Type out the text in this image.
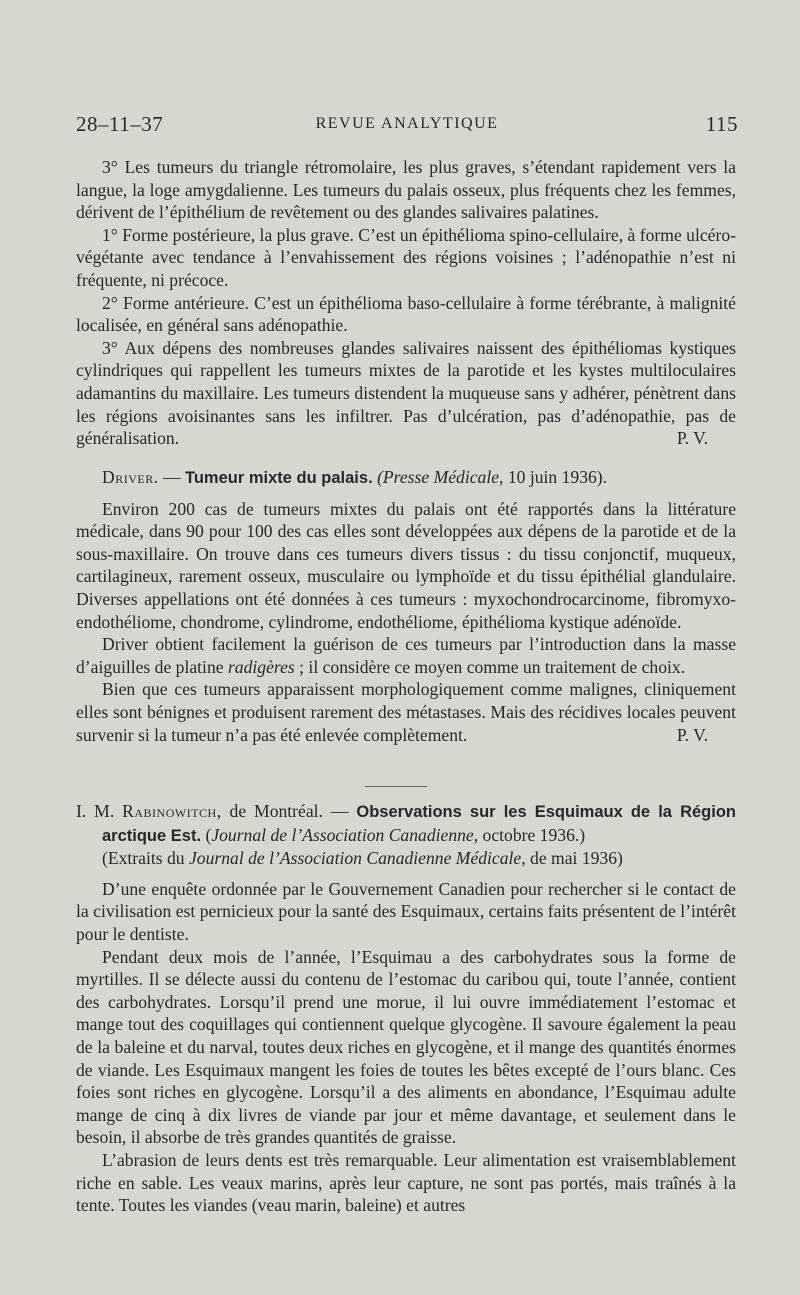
28–11–37	REVUE ANALYTIQUE	115

3° Les tumeurs du triangle rétromolaire, les plus graves, s’étendant rapidement vers la langue, la loge amygdalienne. Les tumeurs du palais osseux, plus fréquents chez les femmes, dérivent de l’épithélium de revêtement ou des glandes salivaires palatines.

1° Forme postérieure, la plus grave. C’est un épithélioma spino-cellulaire, à forme ulcéro-végétante avec tendance à l’envahissement des régions voisines ; l’adénopathie n’est ni fréquente, ni précoce.

2° Forme antérieure. C’est un épithélioma baso-cellulaire à forme térébrante, à malignité localisée, en général sans adénopathie.

3° Aux dépens des nombreuses glandes salivaires naissent des épithéliomas kystiques cylindriques qui rappellent les tumeurs mixtes de la parotide et les kystes multiloculaires adamantins du maxillaire. Les tumeurs distendent la muqueuse sans y adhérer, pénètrent dans les régions avoisinantes sans les infiltrer. Pas d’ulcération, pas d’adénopathie, pas de généralisation.	P. V.

Driver. — Tumeur mixte du palais. (Presse Médicale, 10 juin 1936).

Environ 200 cas de tumeurs mixtes du palais ont été rapportés dans la littérature médicale, dans 90 pour 100 des cas elles sont développées aux dépens de la parotide et de la sous-maxillaire. On trouve dans ces tumeurs divers tissus : du tissu conjonctif, muqueux, cartilagineux, rarement osseux, musculaire ou lymphoïde et du tissu épithélial glandulaire. Diverses appellations ont été données à ces tumeurs : myxochondrocarcinome, fibromyxo-endothéliome, chondrome, cylindrome, endothéliome, épithélioma kystique adénoïde.

Driver obtient facilement la guérison de ces tumeurs par l’introduction dans la masse d’aiguilles de platine radigères ; il considère ce moyen comme un traitement de choix.

Bien que ces tumeurs apparaissent morphologiquement comme malignes, cliniquement elles sont bénignes et produisent rarement des métastases. Mais des récidives locales peuvent survenir si la tumeur n’a pas été enlevée complètement.	P. V.

I. M. Rabinowitch, de Montréal. — Observations sur les Esquimaux de la Région arctique Est. (Journal de l’Association Canadienne, octobre 1936.)
(Extraits du Journal de l’Association Canadienne Médicale, de mai 1936)

D’une enquête ordonnée par le Gouvernement Canadien pour rechercher si le contact de la civilisation est pernicieux pour la santé des Esquimaux, certains faits présentent de l’intérêt pour le dentiste.

Pendant deux mois de l’année, l’Esquimau a des carbohydrates sous la forme de myrtilles. Il se délecte aussi du contenu de l’estomac du caribou qui, toute l’année, contient des carbohydrates. Lorsqu’il prend une morue, il lui ouvre immédiatement l’estomac et mange tout des coquillages qui contiennent quelque glycogène. Il savoure également la peau de la baleine et du narval, toutes deux riches en glycogène, et il mange des quantités énormes de viande. Les Esquimaux mangent les foies de toutes les bêtes excepté de l’ours blanc. Ces foies sont riches en glycogène. Lorsqu’il a des aliments en abondance, l’Esquimau adulte mange de cinq à dix livres de viande par jour et même davantage, et seulement dans le besoin, il absorbe de très grandes quantités de graisse.

L’abrasion de leurs dents est très remarquable. Leur alimentation est vraisemblablement riche en sable. Les veaux marins, après leur capture, ne sont pas portés, mais traînés à la tente. Toutes les viandes (veau marin, baleine) et autres
